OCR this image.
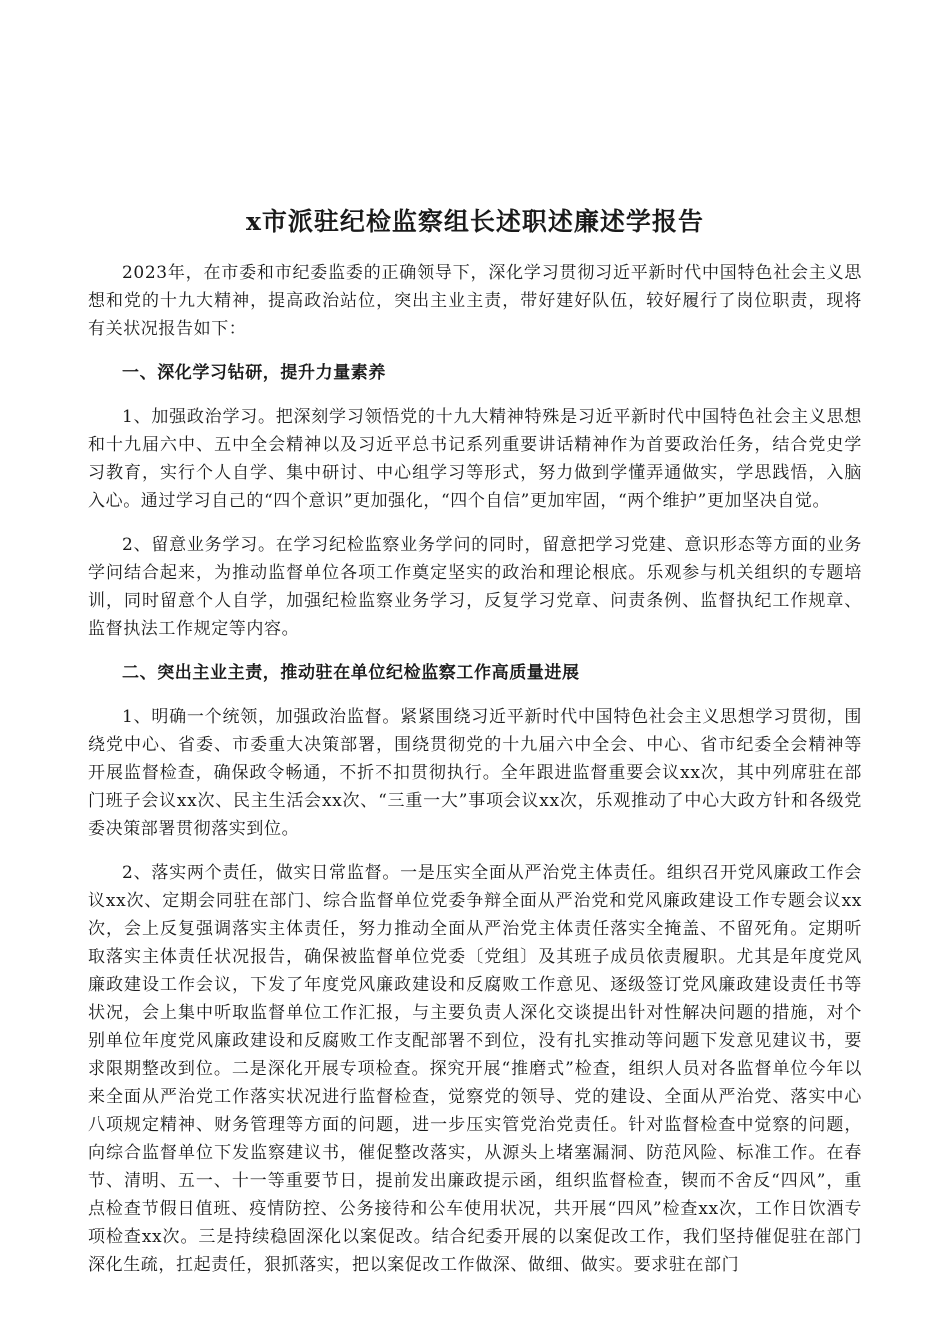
x市派驻纪检监察组长述职述廉述学报告

2023年，在市委和市纪委监委的正确领导下，深化学习贯彻习近平新时代中国特色社会主义思想和党的十九大精神，提高政治站位，突出主业主责，带好建好队伍，较好履行了岗位职责，现将有关状况报告如下：

一、深化学习钻研，提升力量素养

1、加强政治学习。把深刻学习领悟党的十九大精神特殊是习近平新时代中国特色社会主义思想和十九届六中、五中全会精神以及习近平总书记系列重要讲话精神作为首要政治任务，结合党史学习教育，实行个人自学、集中研讨、中心组学习等形式，努力做到学懂弄通做实，学思践悟，入脑入心。通过学习自己的“四个意识”更加强化，“四个自信”更加牢固，“两个维护”更加坚决自觉。

2、留意业务学习。在学习纪检监察业务学问的同时，留意把学习党建、意识形态等方面的业务学问结合起来，为推动监督单位各项工作奠定坚实的政治和理论根底。乐观参与机关组织的专题培训，同时留意个人自学，加强纪检监察业务学习，反复学习党章、问责条例、监督执纪工作规章、监督执法工作规定等内容。

二、突出主业主责，推动驻在单位纪检监察工作高质量进展

1、明确一个统领，加强政治监督。紧紧围绕习近平新时代中国特色社会主义思想学习贯彻，围绕党中心、省委、市委重大决策部署，围绕贯彻党的十九届六中全会、中心、省市纪委全会精神等开展监督检查，确保政令畅通，不折不扣贯彻执行。全年跟进监督重要会议xx次，其中列席驻在部门班子会议xx次、民主生活会xx次、“三重一大”事项会议xx次，乐观推动了中心大政方针和各级党委决策部署贯彻落实到位。

2、落实两个责任，做实日常监督。一是压实全面从严治党主体责任。组织召开党风廉政工作会议xx次、定期会同驻在部门、综合监督单位党委争辩全面从严治党和党风廉政建设工作专题会议xx次，会上反复强调落实主体责任，努力推动全面从严治党主体责任落实全掩盖、不留死角。定期听取落实主体责任状况报告，确保被监督单位党委〔党组〕及其班子成员依责履职。尤其是年度党风廉政建设工作会议，下发了年度党风廉政建设和反腐败工作意见、逐级签订党风廉政建设责任书等状况，会上集中听取监督单位工作汇报，与主要负责人深化交谈提出针对性解决问题的措施，对个别单位年度党风廉政建设和反腐败工作支配部署不到位，没有扎实推动等问题下发意见建议书，要求限期整改到位。二是深化开展专项检查。探究开展“推磨式”检查，组织人员对各监督单位今年以来全面从严治党工作落实状况进行监督检查，觉察党的领导、党的建设、全面从严治党、落实中心八项规定精神、财务管理等方面的问题，进一步压实管党治党责任。针对监督检查中觉察的问题，向综合监督单位下发监察建议书，催促整改落实，从源头上堵塞漏洞、防范风险、标准工作。在春节、清明、五一、十一等重要节日，提前发出廉政提示函，组织监督检查，锲而不舍反“四风”，重点检查节假日值班、疫情防控、公务接待和公车使用状况，共开展“四风”检查xx次，工作日饮酒专项检查xx次。三是持续稳固深化以案促改。结合纪委开展的以案促改工作，我们坚持催促驻在部门深化生疏，扛起责任，狠抓落实，把以案促改工作做深、做细、做实。要求驻在部门
